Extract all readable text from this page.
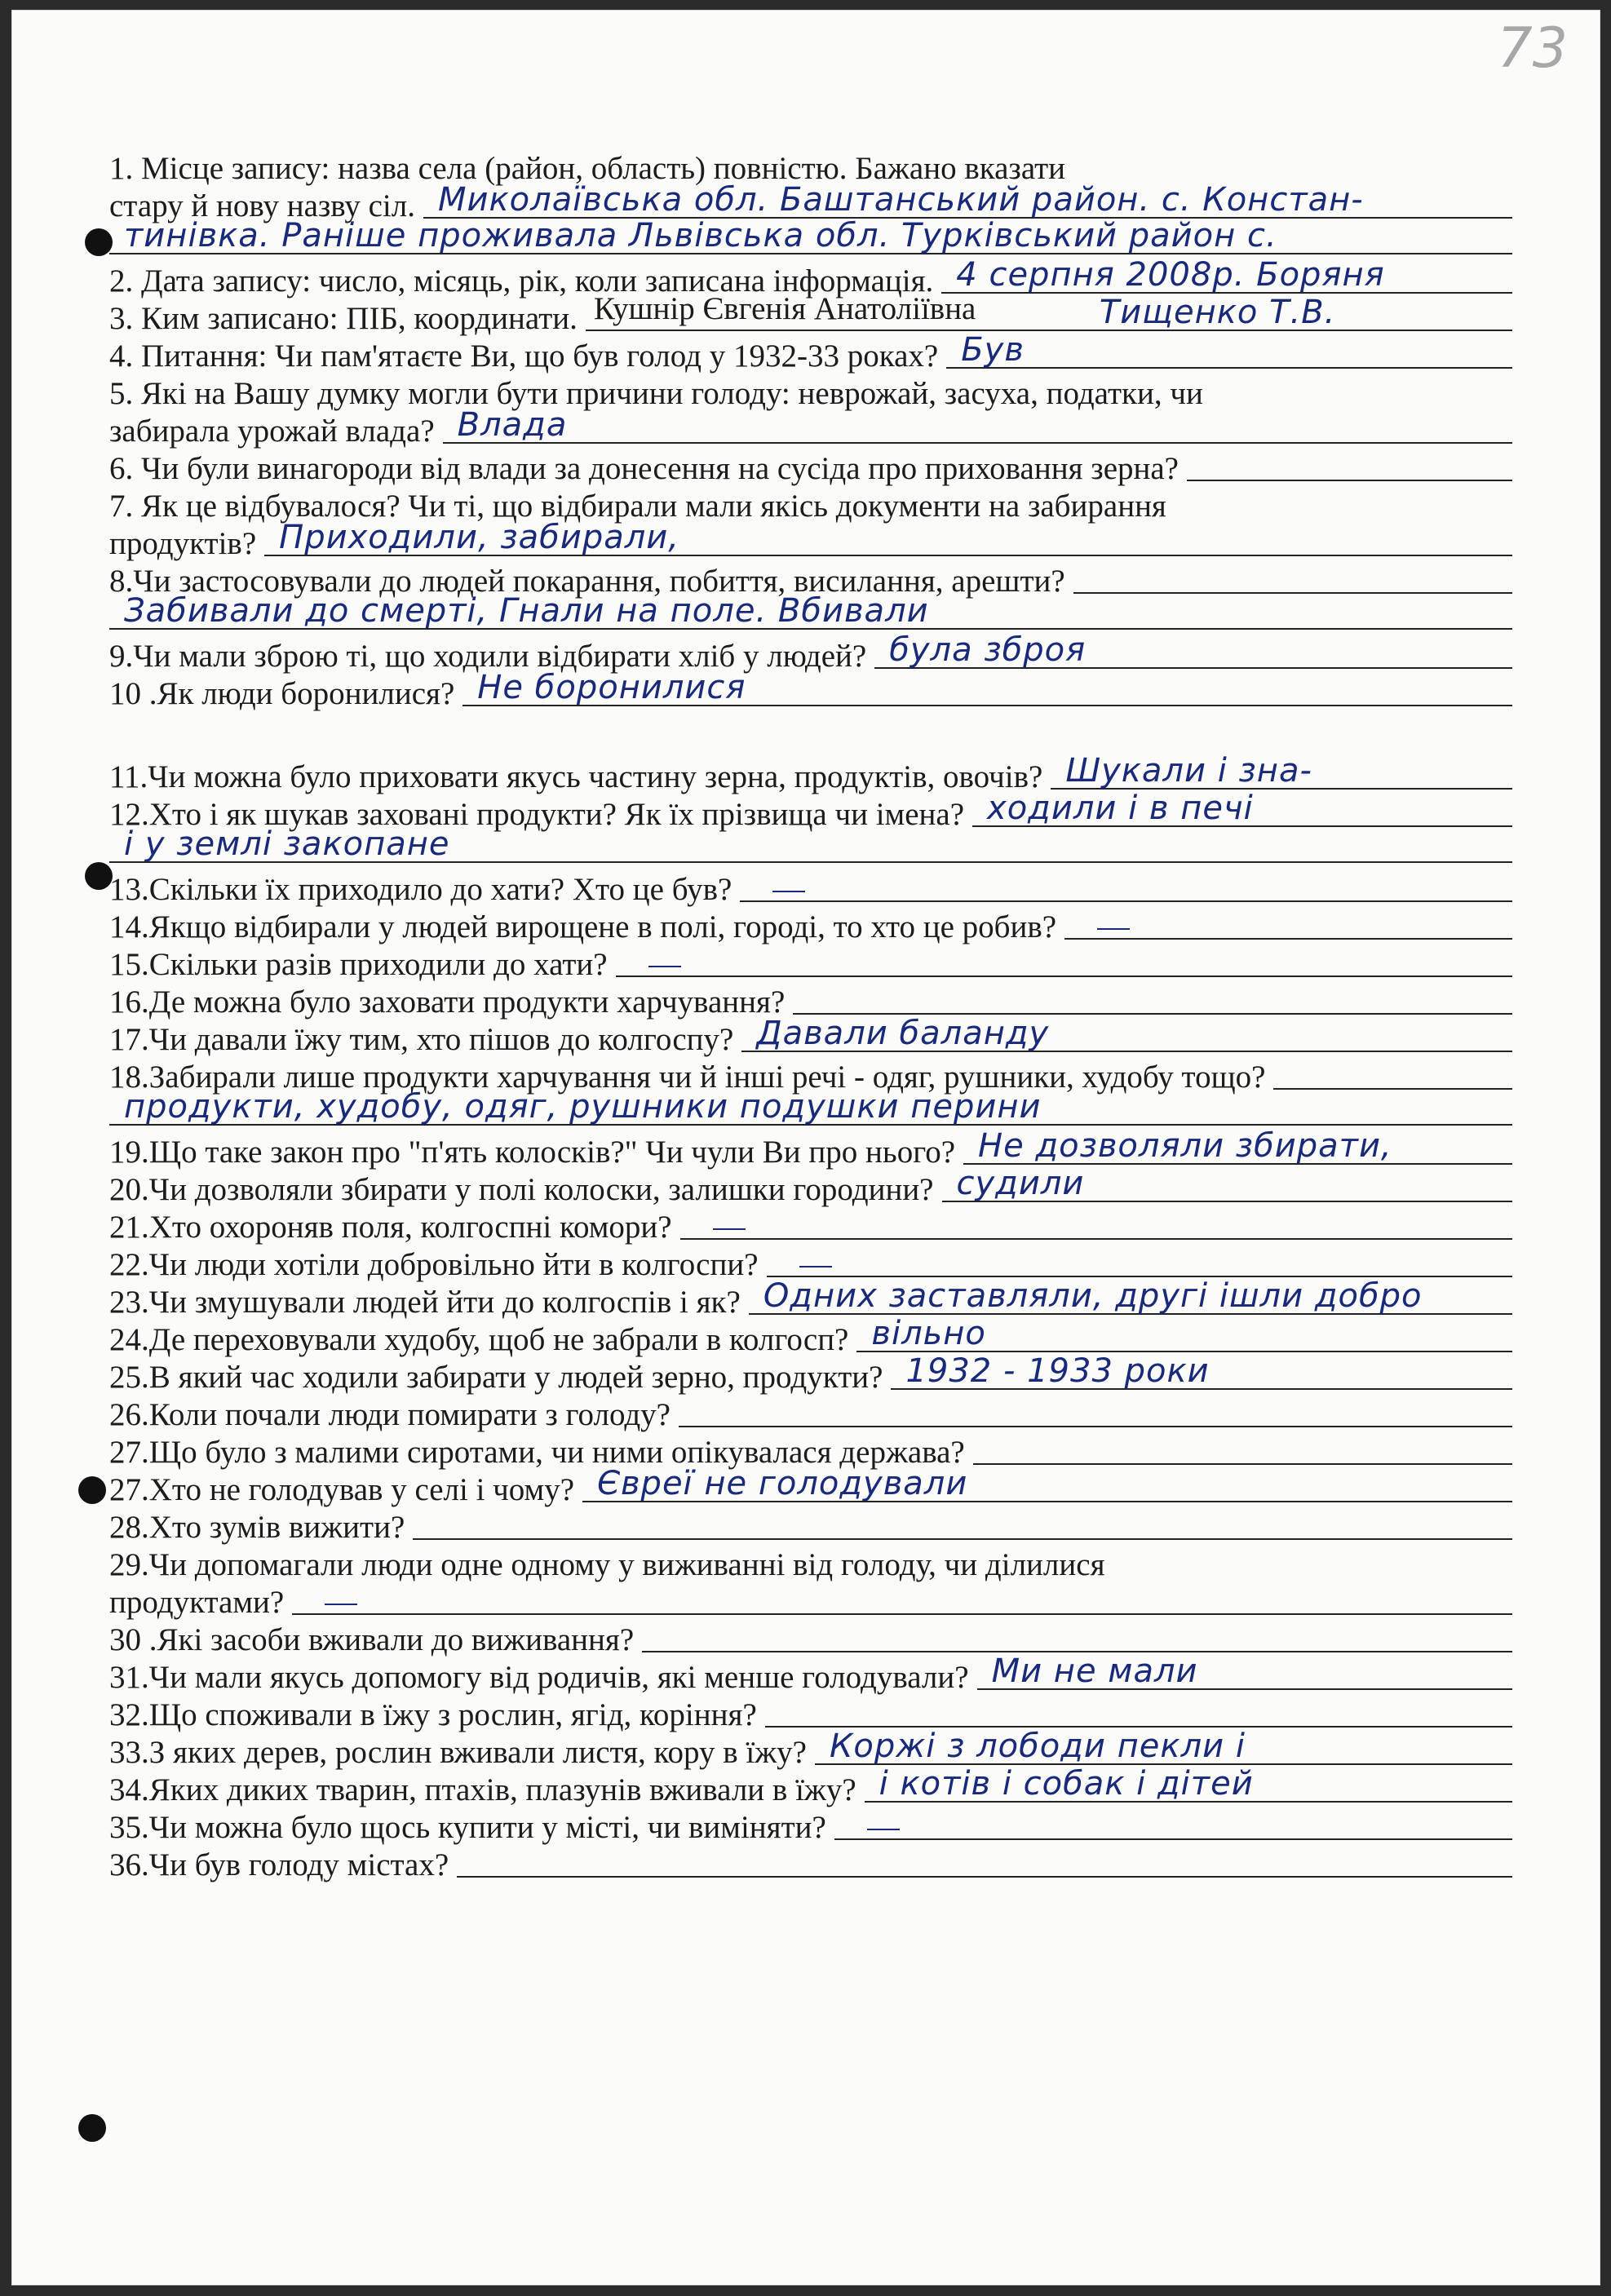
73
1. Місце запису: назва села (район, область) повністю. Бажано вказати
стару й нову назву сіл. Миколаївська обл. Баштанський район. с. Констан-
тинівка. Раніше проживала Львівська обл. Турківський район с.
2. Дата запису: число, місяць, рік, коли записана інформація. 4 серпня 2008р. Боряня
3. Ким записано: ПІБ, координати. Кушнір Євгенія Анатоліївна	Тищенко Т.В.
4. Питання: Чи пам'ятаєте Ви, що був голод у 1932-33 роках? Був
5. Які на Вашу думку могли бути причини голоду: неврожай, засуха, податки, чи
забирала урожай влада? Влада
6. Чи були винагороди від влади за донесення на сусіда про приховання зерна?
7. Як це відбувалося? Чи ті, що відбирали мали якісь документи на забирання
продуктів? Приходили, забирали,
8.Чи застосовували до людей покарання, побиття, висилання, арешти?
Забивали до смерті, Гнали на поле. Вбивали
9.Чи мали зброю ті, що ходили відбирати хліб у людей? була зброя
10 .Як люди боронилися? Не боронилися
11.Чи можна було приховати якусь частину зерна, продуктів, овочів? Шукали і зна-
12.Хто і як шукав заховані продукти? Як їх прізвища чи імена? ходили і в печі
і у землі закопане
13.Скільки їх приходило до хати? Хто це був?
14.Якщо відбирали у людей вирощене в полі, городі, то хто це робив?
15.Скільки разів приходили до хати?
16.Де можна було заховати продукти харчування?
17.Чи давали їжу тим, хто пішов до колгоспу? Давали баланду
18.Забирали лише продукти харчування чи й інші речі - одяг, рушники, худобу тощо?
продукти, худобу, одяг, рушники подушки перини
19.Що таке закон про "п'ять колосків?" Чи чули Ви про нього? Не дозволяли збирати,
20.Чи дозволяли збирати у полі колоски, залишки городини? судили
21.Хто охороняв поля, колгоспні комори?
22.Чи люди хотіли добровільно йти в колгоспи?
23.Чи змушували людей йти до колгоспів і як? Одних заставляли, другі ішли добро
24.Де переховували худобу, щоб не забрали в колгосп? вільно
25.В який час ходили забирати у людей зерно, продукти? 1932 - 1933 роки
26.Коли почали люди помирати з голоду?
27.Що було з малими сиротами, чи ними опікувалася держава?
27.Хто не голодував у селі і чому? Євреї не голодували
28.Хто зумів вижити?
29.Чи допомагали люди одне одному у виживанні від голоду, чи ділилися
продуктами?
30 .Які засоби вживали до виживання?
31.Чи мали якусь допомогу від родичів, які менше голодували? Ми не мали
32.Що споживали в їжу з рослин, ягід, коріння?
33.З яких дерев, рослин вживали листя, кору в їжу? Коржі з лободи пекли і
34.Яких диких тварин, птахів, плазунів вживали в їжу? і котів і собак і дітей
35.Чи можна було щось купити у місті, чи виміняти?
36.Чи був голоду містах?
